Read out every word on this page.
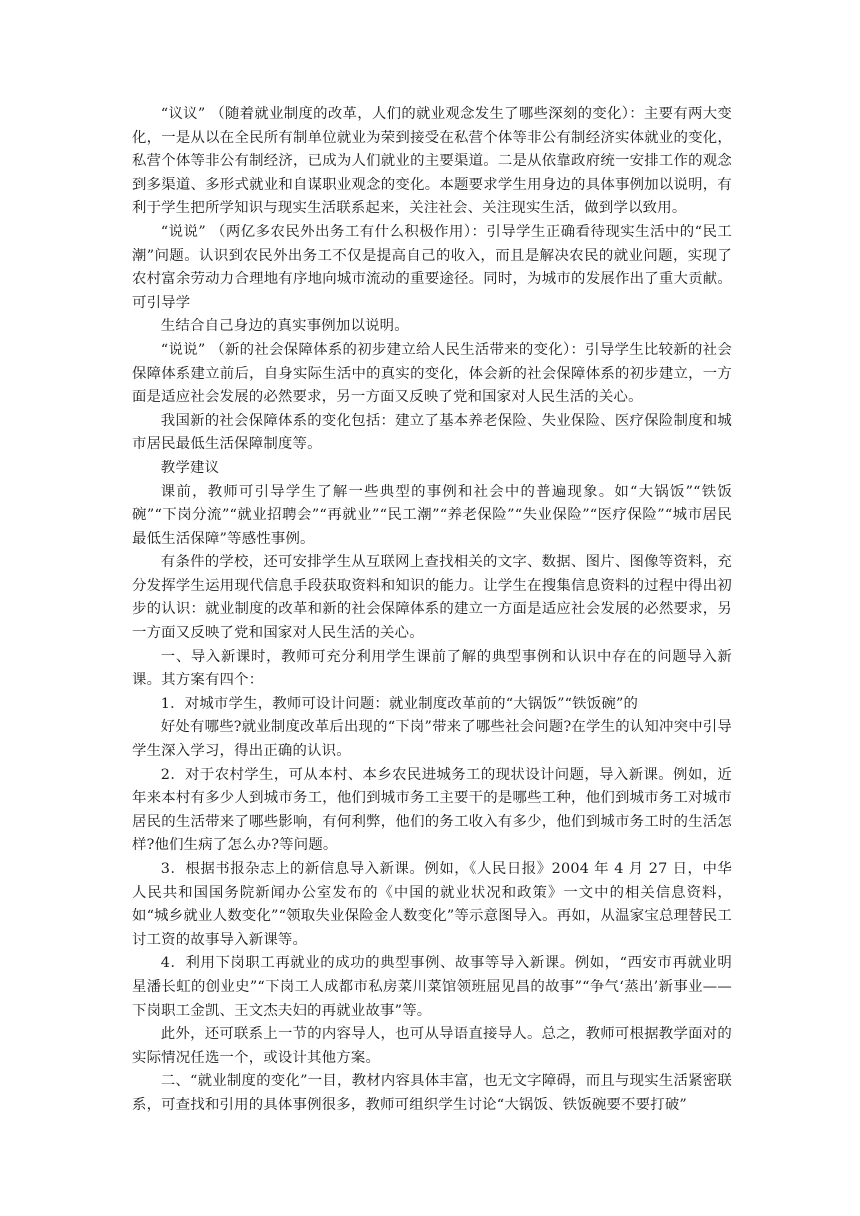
“议议” （随着就业制度的改革，人们的就业观念发生了哪些深刻的变化）：主要有两大变化，一是从以在全民所有制单位就业为荣到接受在私营个体等非公有制经济实体就业的变化，私营个体等非公有制经济，已成为人们就业的主要渠道。二是从依靠政府统一安排工作的观念到多渠道、多形式就业和自谋职业观念的变化。本题要求学生用身边的具体事例加以说明，有利于学生把所学知识与现实生活联系起来，关注社会、关注现实生活，做到学以致用。

“说说” （两亿多农民外出务工有什么积极作用）：引导学生正确看待现实生活中的“民工潮”问题。认识到农民外出务工不仅是提高自己的收入，而且是解决农民的就业问题，实现了农村富余劳动力合理地有序地向城市流动的重要途径。同时，为城市的发展作出了重大贡献。可引导学

生结合自己身边的真实事例加以说明。

“说说” （新的社会保障体系的初步建立给人民生活带来的变化）：引导学生比较新的社会保障体系建立前后，自身实际生活中的真实的变化，体会新的社会保障体系的初步建立，一方面是适应社会发展的必然要求，另一方面又反映了党和国家对人民生活的关心。

我国新的社会保障体系的变化包括：建立了基本养老保险、失业保险、医疗保险制度和城市居民最低生活保障制度等。

教学建议

课前，教师可引导学生了解一些典型的事例和社会中的普遍现象。如“大锅饭”“铁饭碗”“下岗分流”“就业招聘会”“再就业”“民工潮”“养老保险”“失业保险”“医疗保险”“城市居民最低生活保障”等感性事例。

有条件的学校，还可安排学生从互联网上查找相关的文字、数据、图片、图像等资料，充分发挥学生运用现代信息手段获取资料和知识的能力。让学生在搜集信息资料的过程中得出初步的认识：就业制度的改革和新的社会保障体系的建立一方面是适应社会发展的必然要求，另一方面又反映了党和国家对人民生活的关心。

一、导入新课时，教师可充分利用学生课前了解的典型事例和认识中存在的问题导入新课。其方案有四个：

1．对城市学生，教师可设计问题：就业制度改革前的“大锅饭”“铁饭碗”的

好处有哪些?就业制度改革后出现的“下岗”带来了哪些社会问题?在学生的认知冲突中引导学生深入学习，得出正确的认识。

2．对于农村学生，可从本村、本乡农民进城务工的现状设计问题，导入新课。例如，近年来本村有多少人到城市务工，他们到城市务工主要干的是哪些工种，他们到城市务工对城市居民的生活带来了哪些影响，有何利弊，他们的务工收入有多少，他们到城市务工时的生活怎样?他们生病了怎么办?等问题。

3．根据书报杂志上的新信息导入新课。例如，《人民日报》2004 年 4 月 27 日，中华人民共和国国务院新闻办公室发布的《中国的就业状况和政策》一文中的相关信息资料，如“城乡就业人数变化”“领取失业保险金人数变化”等示意图导入。再如，从温家宝总理替民工讨工资的故事导入新课等。

4．利用下岗职工再就业的成功的典型事例、故事等导入新课。例如，“西安市再就业明星潘长虹的创业史”“下岗工人成都市私房菜川菜馆领班屈见昌的故事”“争气‘蒸出’新事业——下岗职工金凯、王文杰夫妇的再就业故事”等。

此外，还可联系上一节的内容导人，也可从导语直接导人。总之，教师可根据教学面对的实际情况任选一个，或设计其他方案。

二、“就业制度的变化”一目，教材内容具体丰富，也无文字障碍，而且与现实生活紧密联系，可查找和引用的具体事例很多，教师可组织学生讨论“大锅饭、铁饭碗要不要打破”
